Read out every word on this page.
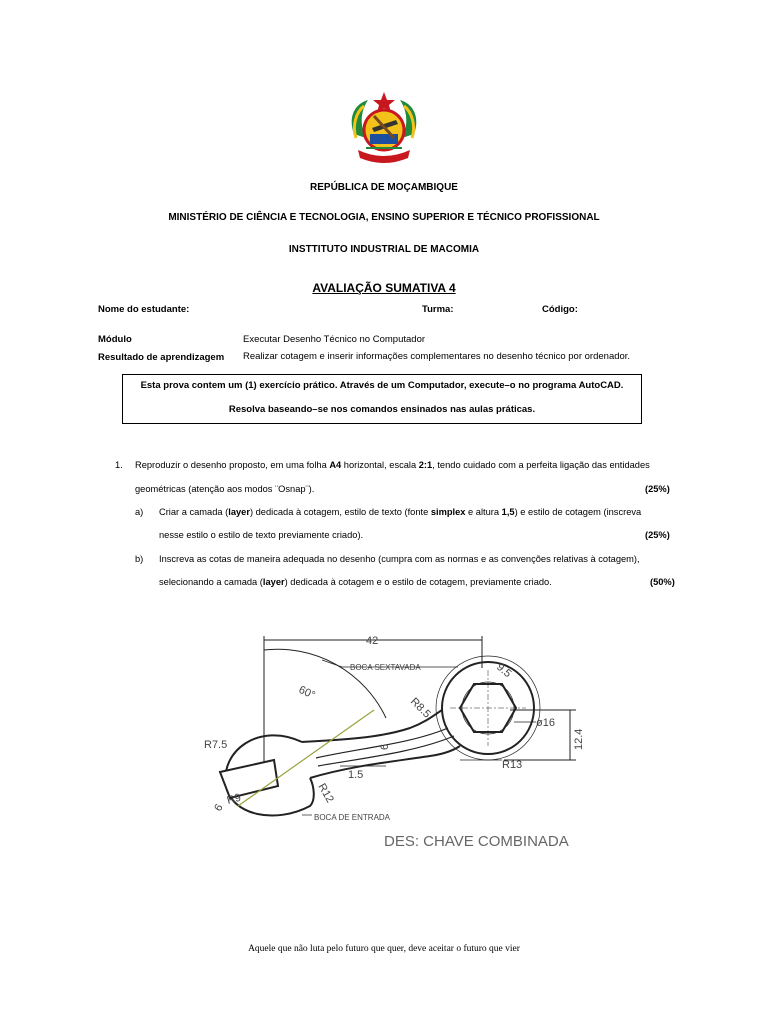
REPÚBLICA DE MOÇAMBIQUE
MINISTÉRIO DE CIÊNCIA E TECNOLOGIA, ENSINO SUPERIOR E TÉCNICO PROFISSIONAL
INSTTITUTO INDUSTRIAL DE MACOMIA
AVALIAÇÃO SUMATIVA 4
Nome do estudante:	Turma:	Código:
Módulo	Executar Desenho Técnico no Computador
Resultado de aprendizagem Realizar cotagem e inserir informações complementares no desenho técnico por ordenador.
Esta prova contem um (1) exercício prático. Através de um Computador, execute–o no programa AutoCAD.
Resolva baseando–se nos comandos ensinados nas aulas práticas.
1. Reproduzir o desenho proposto, em uma folha A4 horizontal, escala 2:1, tendo cuidado com a perfeita ligação das entidades
geométricas (atenção aos modos ¨Osnap¨).	(25%)
a) Criar a camada (layer) dedicada à cotagem, estilo de texto (fonte simplex e altura 1,5) e estilo de cotagem (inscreva
nesse estilo o estilo de texto previamente criado).	(25%)
b) Inscreva as cotas de maneira adequada no desenho (cumpra com as normas e as convenções relativas à cotagem),
selecionando a camada (layer) dedicada à cotagem e o estilo de cotagem, previamente criado.	(50%)
42
9.5
BOCA SEXTAVADA
60°
R8.5
ø16
12.4
R7.5	6
1.5
R13
R12
R9
6
BOCA DE ENTRADA
DES: CHAVE COMBINADA
Aquele que não luta pelo futuro que quer, deve aceitar o futuro que vier
